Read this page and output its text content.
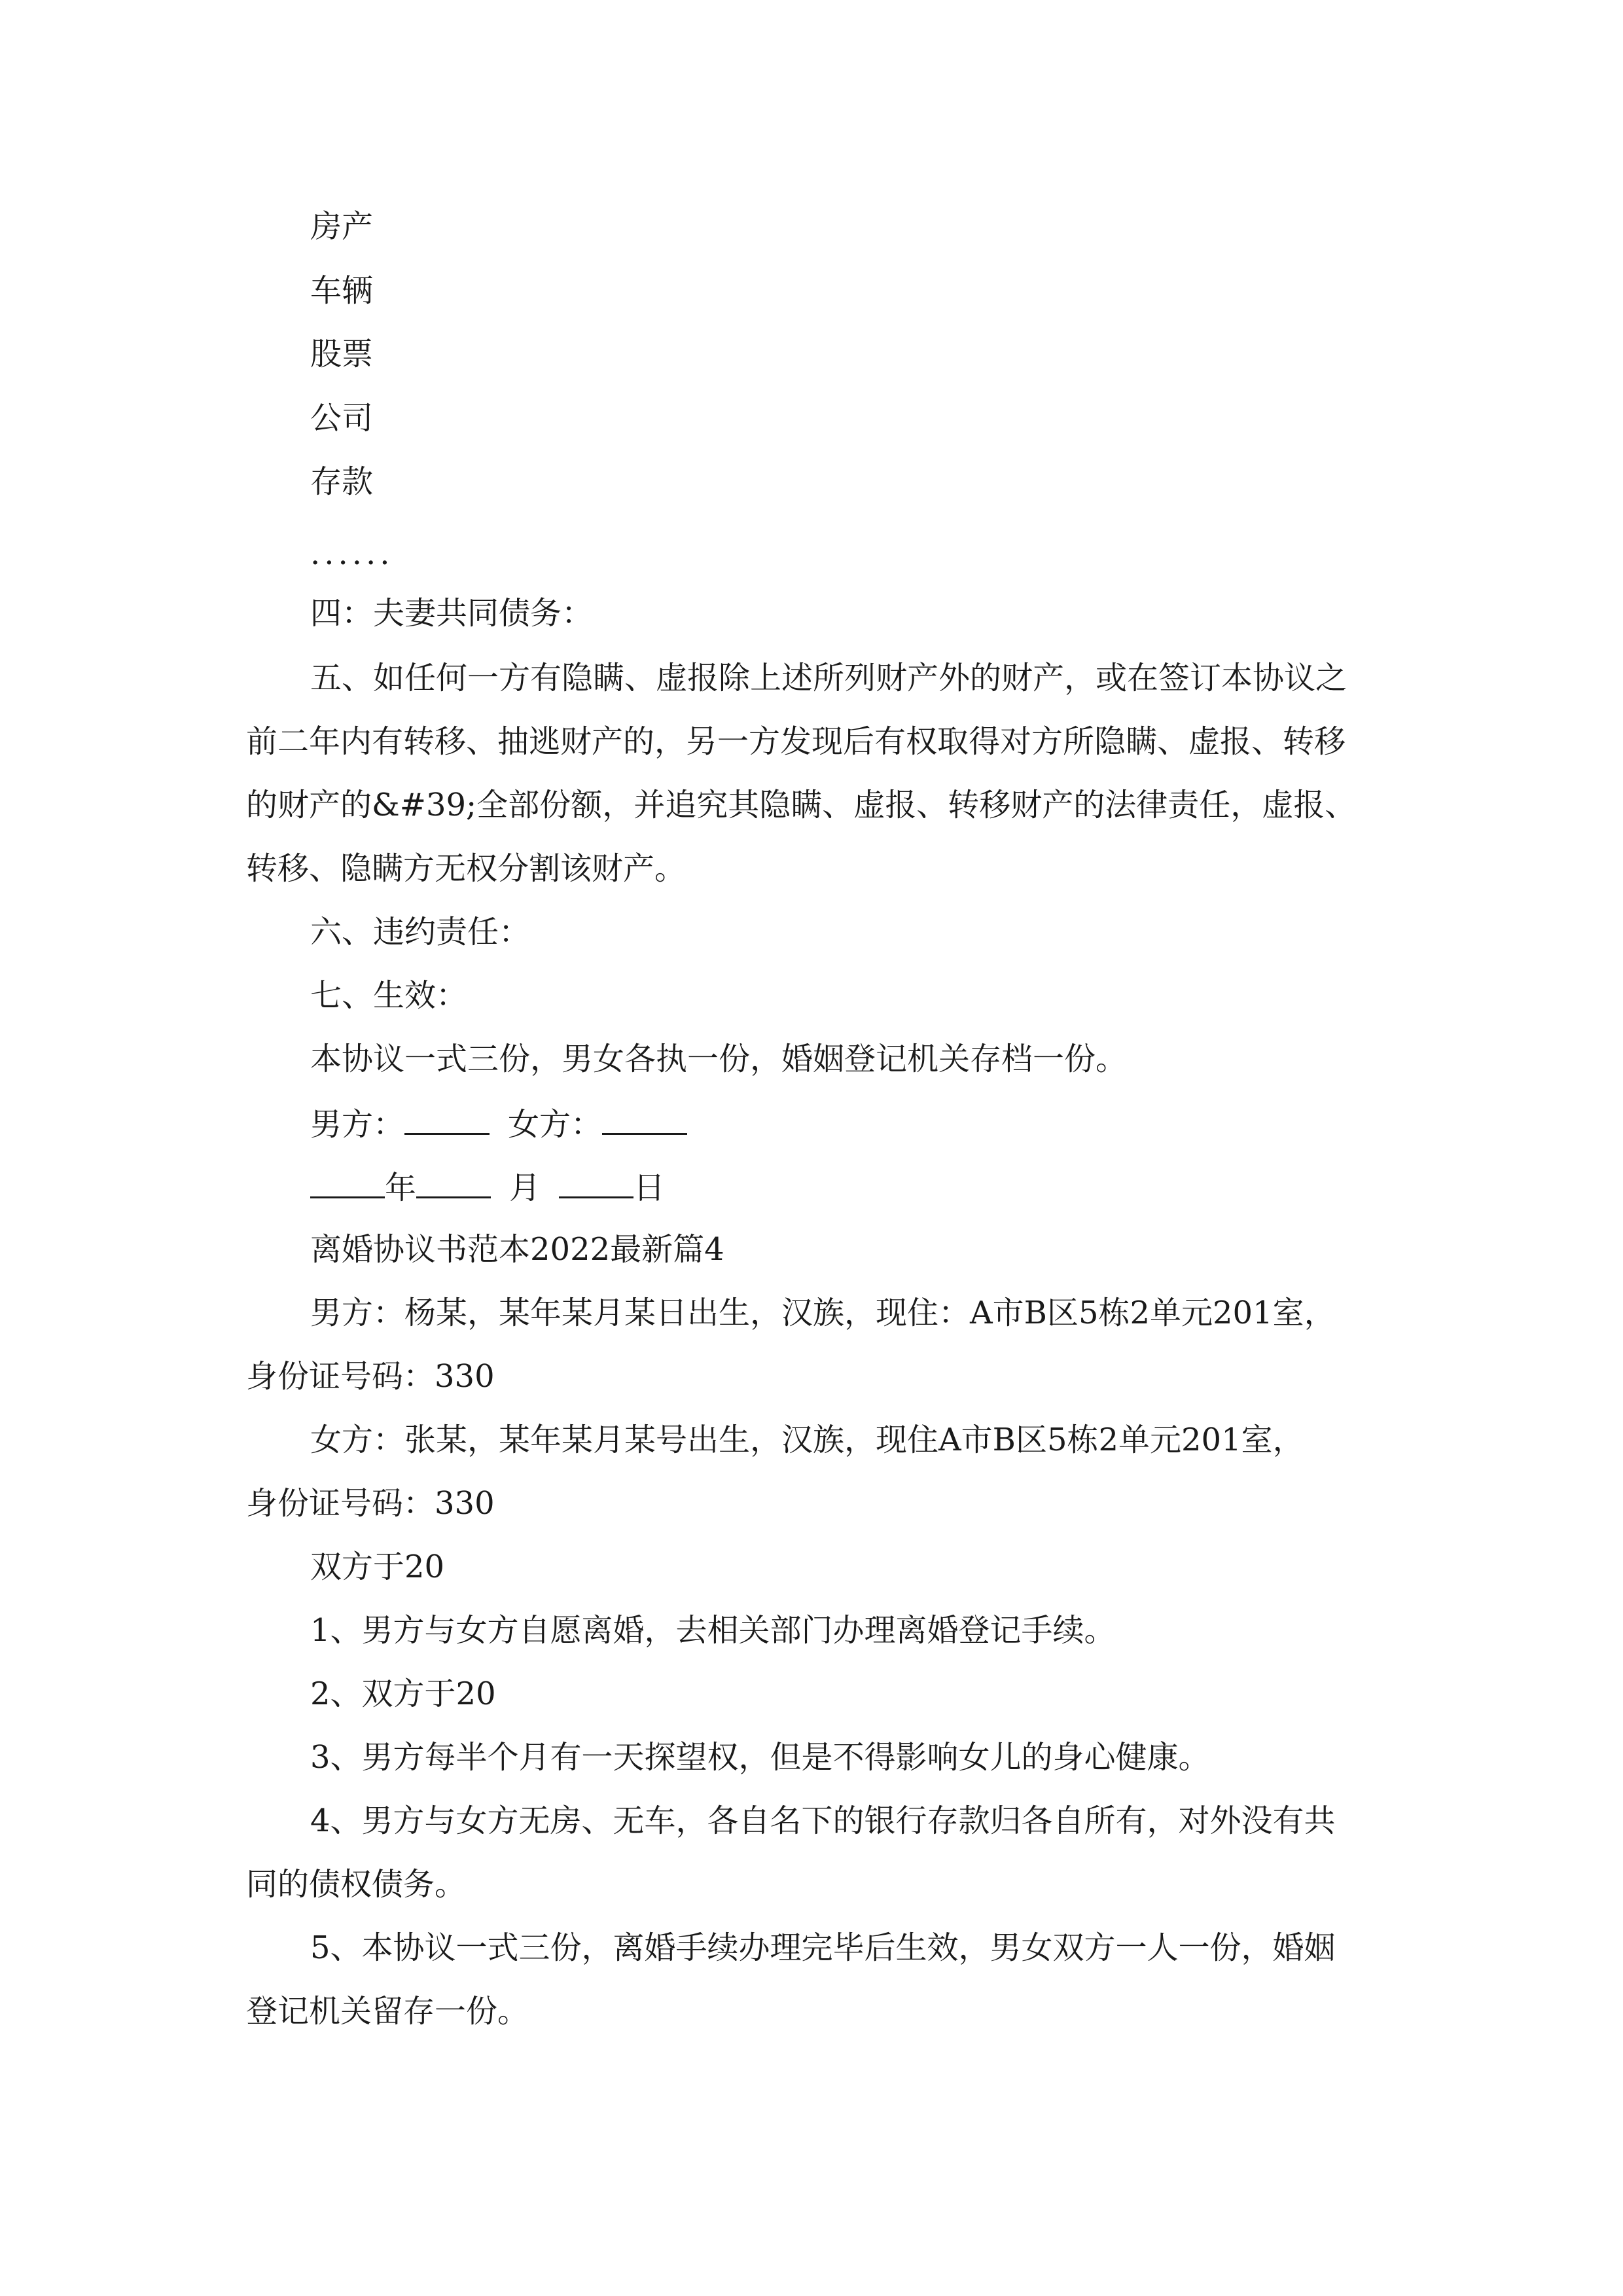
房产
车辆
股票
公司
存款
......
四：夫妻共同债务：
五、如任何一方有隐瞒、虚报除上述所列财产外的财产，或在签订本协议之
前二年内有转移、抽逃财产的，另一方发现后有权取得对方所隐瞒、虚报、转移
的财产的&#39;全部份额，并追究其隐瞒、虚报、转移财产的法律责任，虚报、
转移、隐瞒方无权分割该财产。
六、违约责任：
七、生效：
本协议一式三份，男女各执一份，婚姻登记机关存档一份。
男方：	女方：
年	月	日
离婚协议书范本2022最新篇4
男方：杨某，某年某月某日出生，汉族，现住：A市B区5栋2单元201室，
身份证号码：330
女方：张某，某年某月某号出生，汉族，现住A市B区5栋2单元201室，
身份证号码：330
双方于20
1、男方与女方自愿离婚，去相关部门办理离婚登记手续。
2、双方于20
3、男方每半个月有一天探望权，但是不得影响女儿的身心健康。
4、男方与女方无房、无车，各自名下的银行存款归各自所有，对外没有共
同的债权债务。
5、本协议一式三份，离婚手续办理完毕后生效，男女双方一人一份，婚姻
登记机关留存一份。
